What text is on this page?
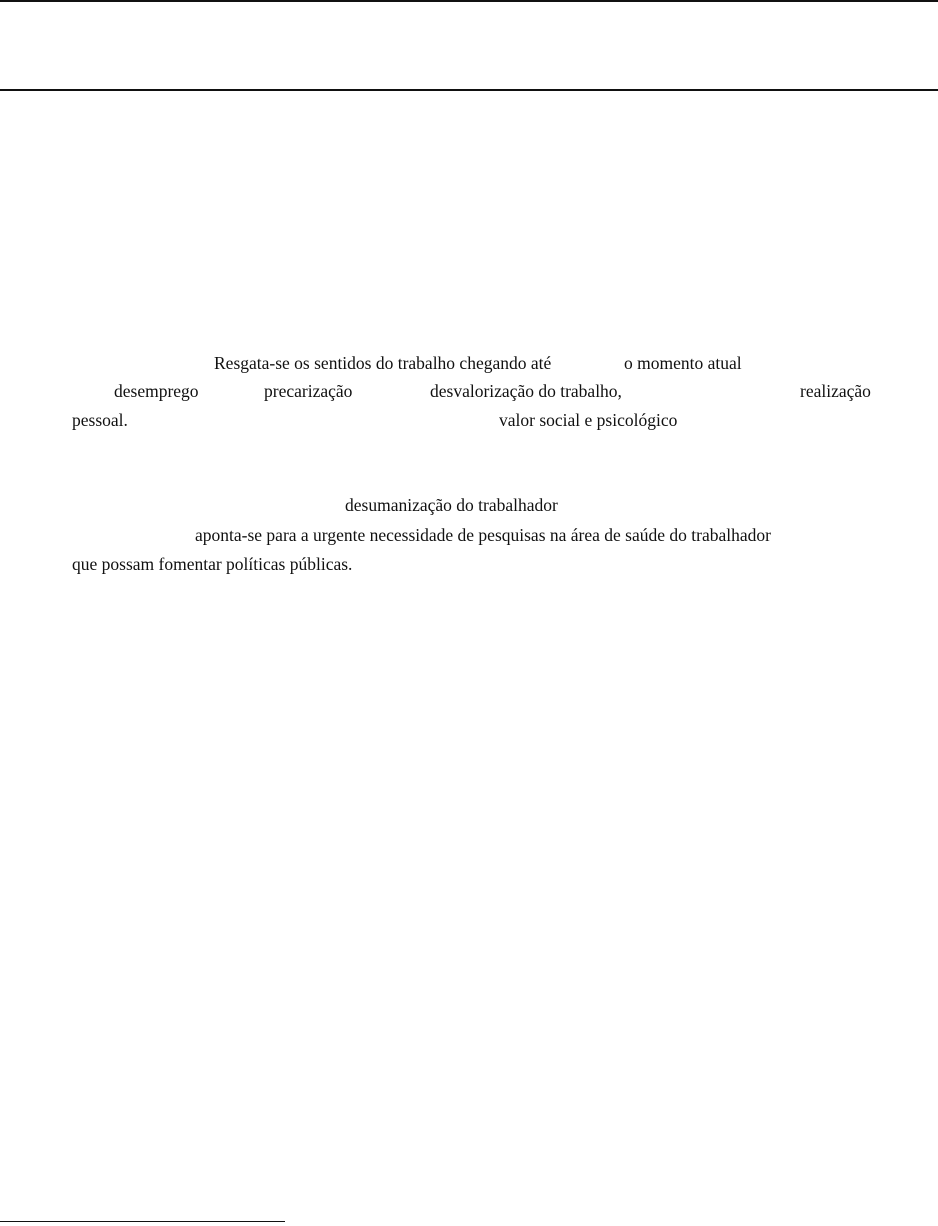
Resgata-se os sentidos do trabalho chegando até	o momento atual
desemprego	precarização	desvalorização do trabalho,	realização
pessoal.	valor social e psicológico
desumanização do trabalhador
aponta-se para a urgente necessidade de pesquisas na área de saúde do trabalhador
que possam fomentar políticas públicas.
